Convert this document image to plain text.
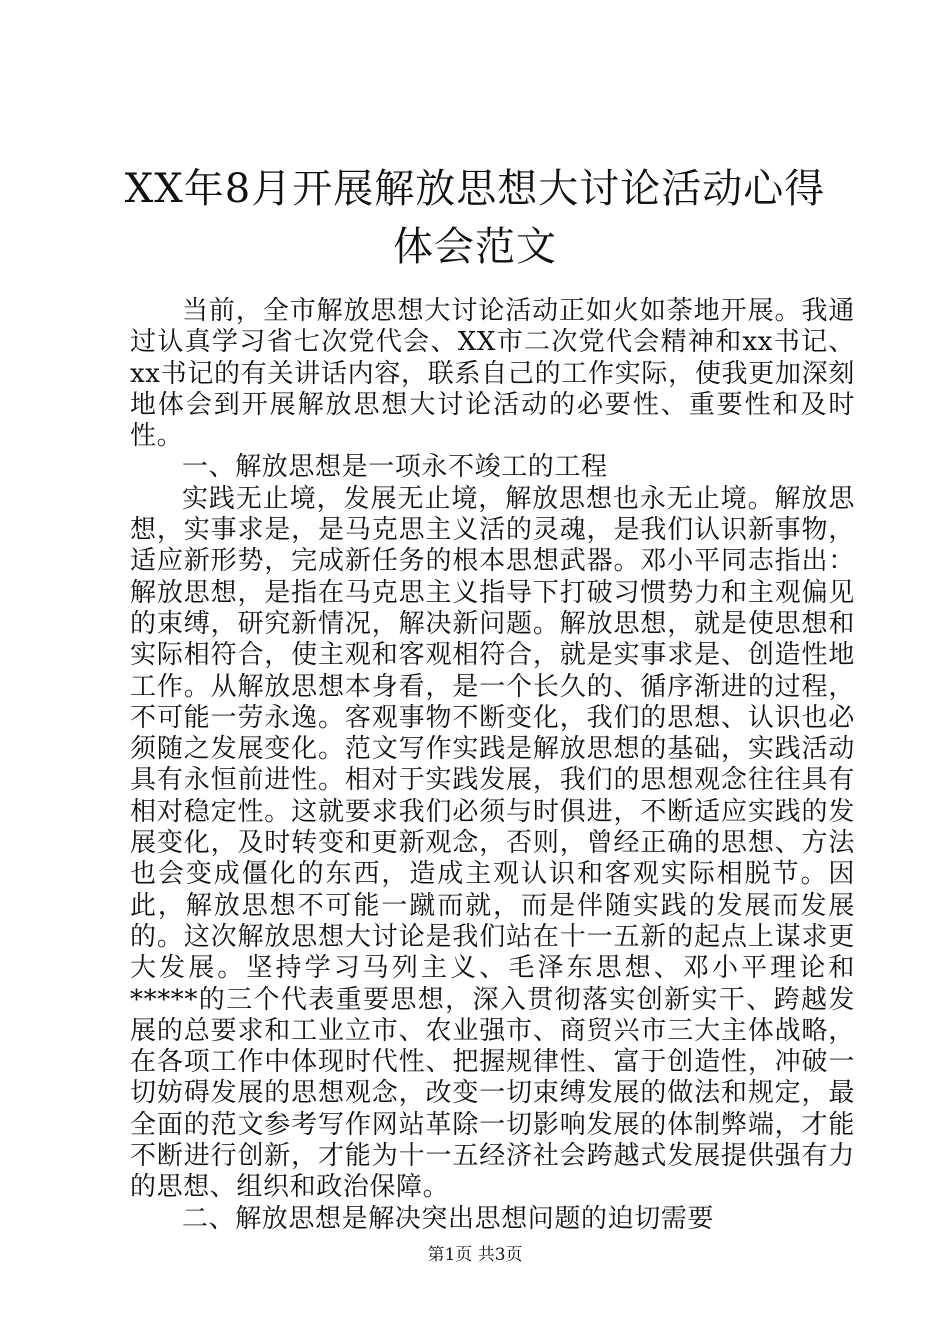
XX年8月开展解放思想大讨论活动心得体会范文

当前，全市解放思想大讨论活动正如火如荼地开展。我通过认真学习省七次党代会、XX市二次党代会精神和xx书记、xx书记的有关讲话内容，联系自己的工作实际，使我更加深刻地体会到开展解放思想大讨论活动的必要性、重要性和及时性。

一、解放思想是一项永不竣工的工程

实践无止境，发展无止境，解放思想也永无止境。解放思想，实事求是，是马克思主义活的灵魂，是我们认识新事物，适应新形势，完成新任务的根本思想武器。邓小平同志指出：解放思想，是指在马克思主义指导下打破习惯势力和主观偏见的束缚，研究新情况，解决新问题。解放思想，就是使思想和实际相符合，使主观和客观相符合，就是实事求是、创造性地工作。从解放思想本身看，是一个长久的、循序渐进的过程，不可能一劳永逸。客观事物不断变化，我们的思想、认识也必须随之发展变化。范文写作实践是解放思想的基础，实践活动具有永恒前进性。相对于实践发展，我们的思想观念往往具有相对稳定性。这就要求我们必须与时俱进，不断适应实践的发展变化，及时转变和更新观念，否则，曾经正确的思想、方法也会变成僵化的东西，造成主观认识和客观实际相脱节。因此，解放思想不可能一蹴而就，而是伴随实践的发展而发展的。这次解放思想大讨论是我们站在十一五新的起点上谋求更大发展。坚持学习马列主义、毛泽东思想、邓小平理论和*****的三个代表重要思想，深入贯彻落实创新实干、跨越发展的总要求和工业立市、农业强市、商贸兴市三大主体战略，在各项工作中体现时代性、把握规律性、富于创造性，冲破一切妨碍发展的思想观念，改变一切束缚发展的做法和规定，最全面的范文参考写作网站革除一切影响发展的体制弊端，才能不断进行创新，才能为十一五经济社会跨越式发展提供强有力的思想、组织和政治保障。

二、解放思想是解决突出思想问题的迫切需要

第1页 共3页
